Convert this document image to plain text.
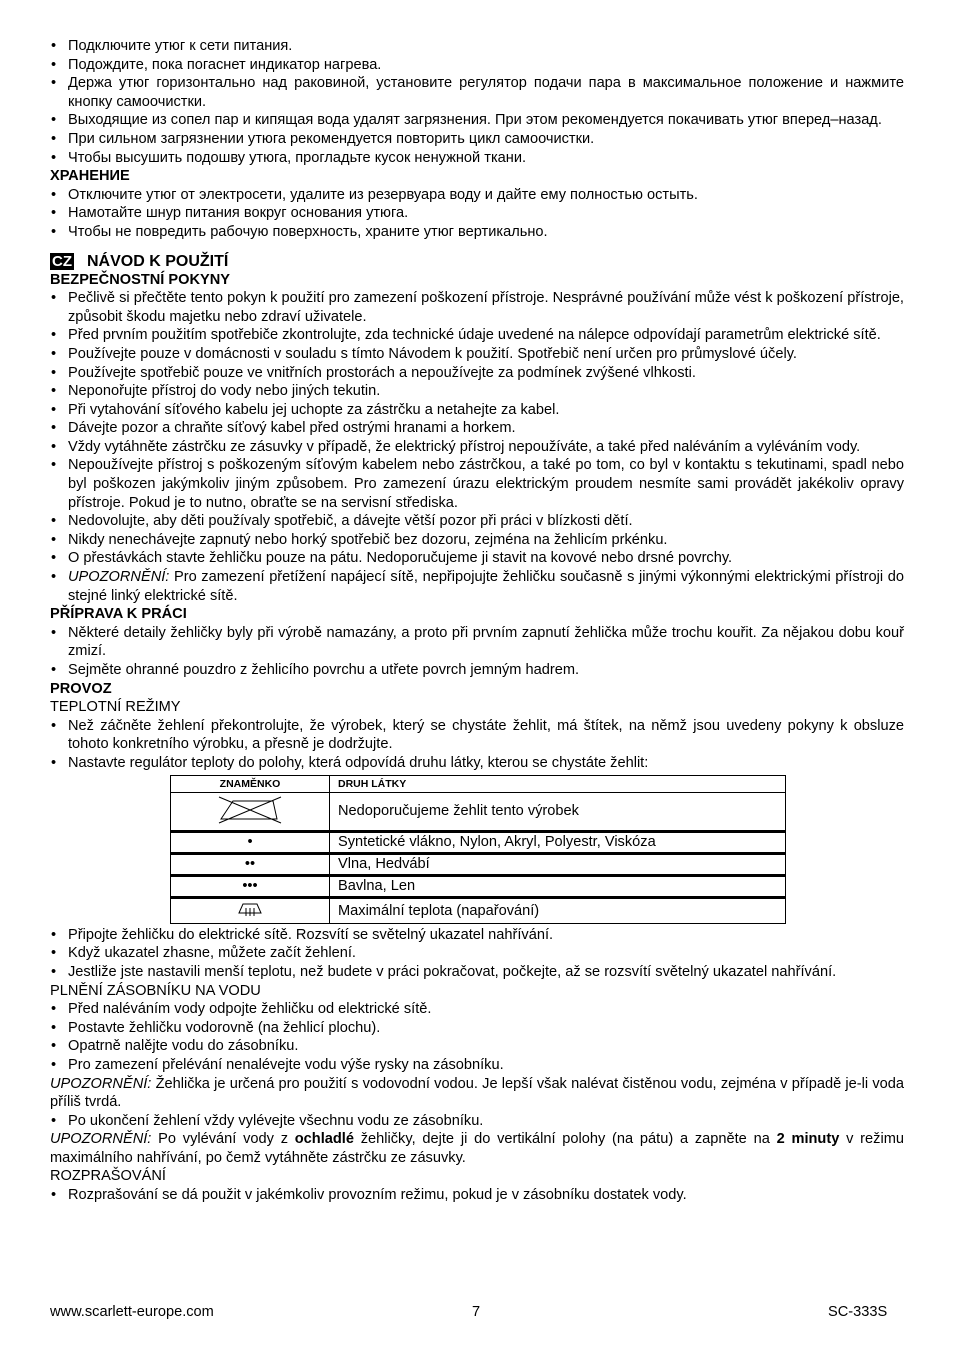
• Подключите утюг к сети питания.
• Подождите, пока погаснет индикатор нагрева.
• Держа утюг горизонтально над раковиной, установите регулятор подачи пара в максимальное положение и нажмите кнопку самоочистки.
• Выходящие из сопел пар и кипящая вода удалят загрязнения. При этом рекомендуется покачивать утюг вперед–назад.
• При сильном загрязнении утюга рекомендуется повторить цикл самоочистки.
• Чтобы высушить подошву утюга, прогладьте кусок ненужной ткани.
ХРАНЕНИЕ
• Отключите утюг от электросети, удалите из резервуара воду и дайте ему полностью остыть.
• Намотайте шнур питания вокруг основания утюга.
• Чтобы не повредить рабочую поверхность, храните утюг вертикально.
CZ NÁVOD K POUŽITÍ
BEZPEČNOSTNÍ POKYNY
• Pečlivě si přečtěte tento pokyn k použití pro zamezení poškození přístroje. Nesprávné používání může vést k poškození přístroje, způsobit škodu majetku nebo zdraví uživatele.
• Před prvním použitím spotřebiče zkontrolujte, zda technické údaje uvedené na nálepce odpovídají parametrům elektrické sítě.
• Používejte pouze v domácnosti v souladu s tímto Návodem k použití. Spotřebič není určen pro průmyslové účely.
• Používejte spotřebič pouze ve vnitřních prostorách a nepoužívejte za podmínek zvýšené vlhkosti.
• Neponořujte přístroj do vody nebo jiných tekutin.
• Při vytahování síťového kabelu jej uchopte za zástrčku a netahejte za kabel.
• Dávejte pozor a chraňte síťový kabel před ostrými hranami a horkem.
• Vždy vytáhněte zástrčku ze zásuvky v případě, že elektrický přístroj nepoužíváte, a také před naléváním a vyléváním vody.
• Nepoužívejte přístroj s poškozeným síťovým kabelem nebo zástrčkou, a také po tom, co byl v kontaktu s tekutinami, spadl nebo byl poškozen jakýmkoliv jiným způsobem. Pro zamezení úrazu elektrickým proudem nesmíte sami provádět jakékoliv opravy přístroje. Pokud je to nutno, obraťte se na servisní střediska.
• Nedovolujte, aby děti používaly spotřebič, a dávejte větší pozor při práci v blízkosti dětí.
• Nikdy nenechávejte zapnutý nebo horký spotřebič bez dozoru, zejména na žehlicím prkénku.
• O přestávkách stavte žehličku pouze na pátu. Nedoporučujeme ji stavit na kovové nebo drsné povrchy.
• UPOZORNĚNÍ: Pro zamezení přetížení napájecí sítě, nepřipojujte žehličku současně s jinými výkonnými elektrickými přístroji do stejné linký elektrické sítě.
PŘÍPRAVA K PRÁCI
• Některé detaily žehličky byly při výrobě namazány, a proto při prvním zapnutí žehlička může trochu kouřit. Za nějakou dobu kouř zmizí.
• Sejměte ohranné pouzdro z žehlicího povrchu a utřete povrch jemným hadrem.
PROVOZ
TEPLOTNÍ REŽIMY
• Než záčněte žehlení překontrolujte, že výrobek, který se chystáte žehlit, má štítek, na němž jsou uvedeny pokyny k obsluze tohoto konkretního výrobku, a přesně je dodržujte.
• Nastavte regulátor teploty do polohy, která odpovídá druhu látky, kterou se chystáte žehlit:
ZNAMĚNKO	DRUH LÁTKY
	Nedoporučujeme žehlit tento výrobek
•	Syntetické vlákno, Nylon, Akryl, Polyestr, Viskóza
••	Vlna, Hedvábí
•••	Bavlna, Len
	Maximální teplota (napařování)
• Připojte žehličku do elektrické sítě. Rozsvítí se světelný ukazatel nahřívání.
• Když ukazatel zhasne, můžete začít žehlení.
• Jestliže jste nastavili menší teplotu, než budete v práci pokračovat, počkejte, až se rozsvítí světelný ukazatel nahřívání.
PLNĚNÍ ZÁSOBNÍKU NA VODU
• Před naléváním vody odpojte žehličku od elektrické sítě.
• Postavte žehličku vodorovně (na žehlicí plochu).
• Opatrně nalějte vodu do zásobníku.
• Pro zamezení přelévání nenalévejte vodu výše rysky na zásobníku.
UPOZORNĚNÍ: Žehlička je určená pro použití s vodovodní vodou. Je lepší však nalévat čistěnou vodu, zejména v případě je-li voda příliš tvrdá.
• Po ukončení žehlení vždy vylévejte všechnu vodu ze zásobníku.
UPOZORNĚNÍ: Po vylévání vody z ochladlé žehličky, dejte ji do vertikální polohy (na pátu) a zapněte na 2 minuty v režimu maximálního nahřívání, po čemž vytáhněte zástrčku ze zásuvky.
ROZPRAŠOVÁNÍ
• Rozprašování se dá použit v jakémkoliv provozním režimu, pokud je v zásobníku dostatek vody.
www.scarlett-europe.com	7	SC-333S
